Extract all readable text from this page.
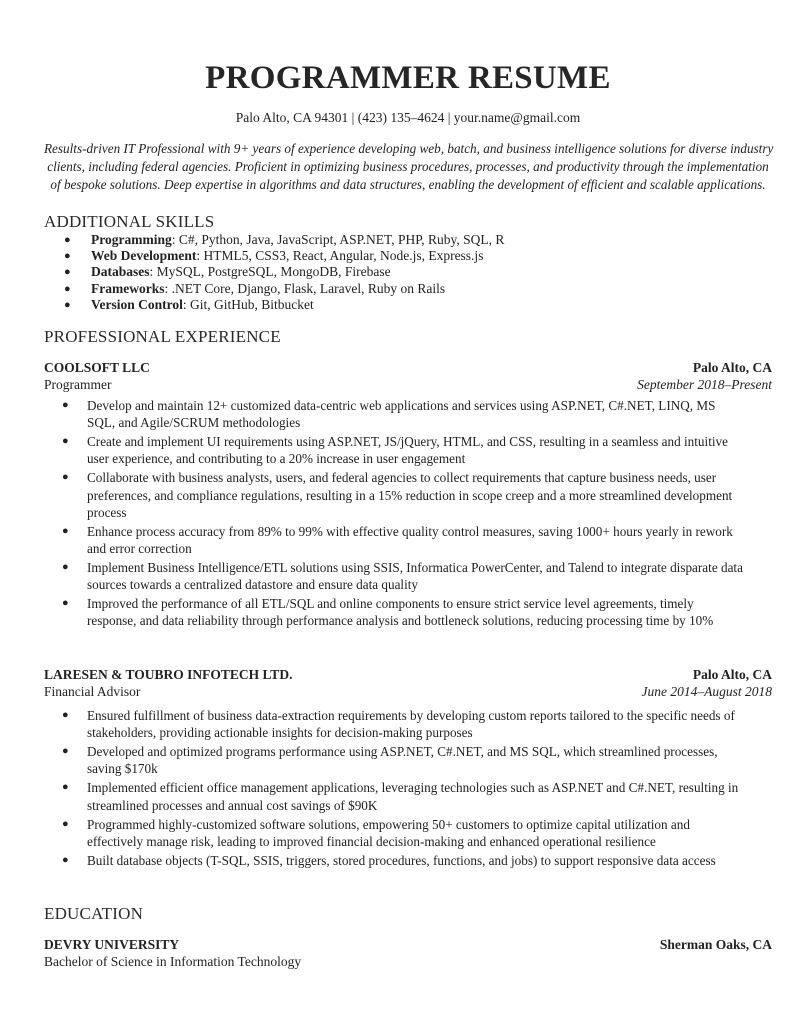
PROGRAMMER RESUME
Palo Alto, CA 94301 | (423) 135–4624 | your.name@gmail.com
Results-driven IT Professional with 9+ years of experience developing web, batch, and business intelligence solutions for diverse industry
clients, including federal agencies. Proficient in optimizing business procedures, processes, and productivity through the implementation
of bespoke solutions. Deep expertise in algorithms and data structures, enabling the development of efficient and scalable applications.
ADDITIONAL SKILLS
● Programming: C#, Python, Java, JavaScript, ASP.NET, PHP, Ruby, SQL, R
● Web Development: HTML5, CSS3, React, Angular, Node.js, Express.js
● Databases: MySQL, PostgreSQL, MongoDB, Firebase
● Frameworks: .NET Core, Django, Flask, Laravel, Ruby on Rails
● Version Control: Git, GitHub, Bitbucket
PROFESSIONAL EXPERIENCE
COOLSOFT LLC	Palo Alto, CA
Programmer	September 2018–Present
● Develop and maintain 12+ customized data-centric web applications and services using ASP.NET, C#.NET, LINQ, MS SQL, and Agile/SCRUM methodologies
● Create and implement UI requirements using ASP.NET, JS/jQuery, HTML, and CSS, resulting in a seamless and intuitive user experience, and contributing to a 20% increase in user engagement
● Collaborate with business analysts, users, and federal agencies to collect requirements that capture business needs, user preferences, and compliance regulations, resulting in a 15% reduction in scope creep and a more streamlined development process
● Enhance process accuracy from 89% to 99% with effective quality control measures, saving 1000+ hours yearly in rework and error correction
● Implement Business Intelligence/ETL solutions using SSIS, Informatica PowerCenter, and Talend to integrate disparate data sources towards a centralized datastore and ensure data quality
● Improved the performance of all ETL/SQL and online components to ensure strict service level agreements, timely response, and data reliability through performance analysis and bottleneck solutions, reducing processing time by 10%
LARESEN & TOUBRO INFOTECH LTD.	Palo Alto, CA
Financial Advisor	June 2014–August 2018
● Ensured fulfillment of business data-extraction requirements by developing custom reports tailored to the specific needs of stakeholders, providing actionable insights for decision-making purposes
● Developed and optimized programs performance using ASP.NET, C#.NET, and MS SQL, which streamlined processes, saving $170k
● Implemented efficient office management applications, leveraging technologies such as ASP.NET and C#.NET, resulting in streamlined processes and annual cost savings of $90K
● Programmed highly-customized software solutions, empowering 50+ customers to optimize capital utilization and effectively manage risk, leading to improved financial decision-making and enhanced operational resilience
● Built database objects (T-SQL, SSIS, triggers, stored procedures, functions, and jobs) to support responsive data access
EDUCATION
DEVRY UNIVERSITY	Sherman Oaks, CA
Bachelor of Science in Information Technology
